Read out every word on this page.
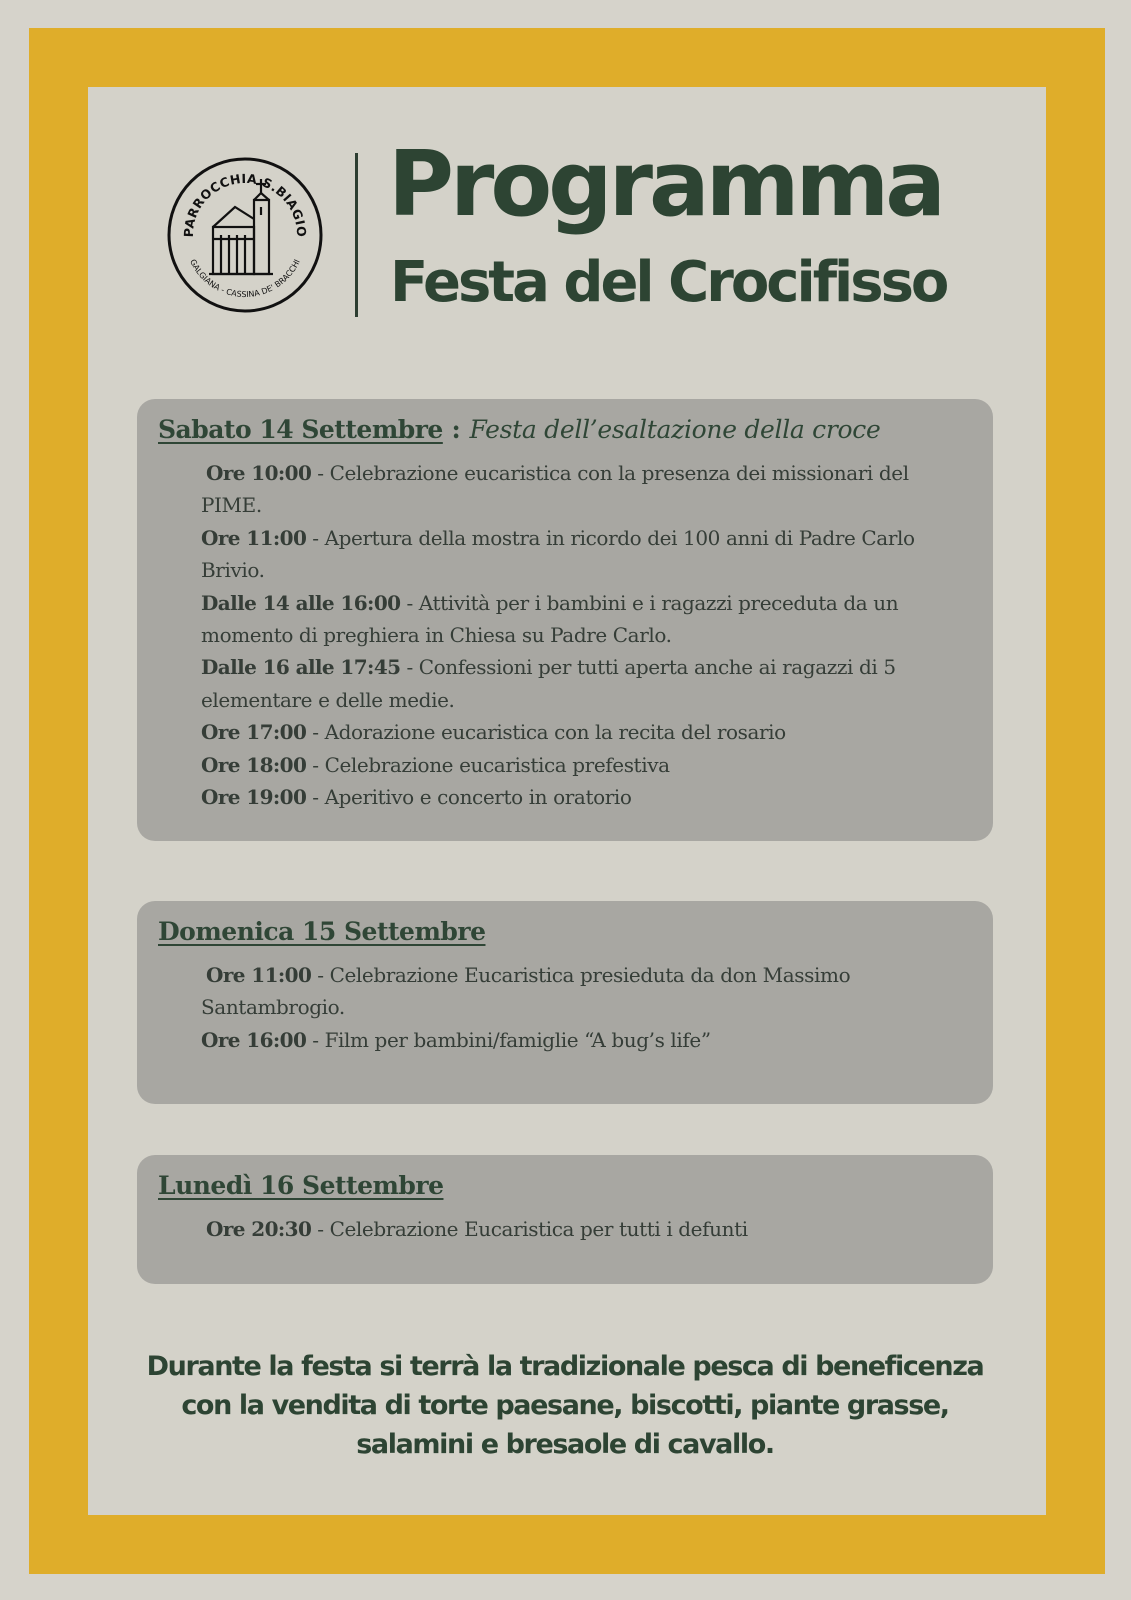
PARROCCHIA S.BIAGIO
GALGIANA - CASSINA DE' BRACCHI
Programma
Festa del Crocifisso

Sabato 14 Settembre : Festa dell’esaltazione della croce

Ore 10:00 - Celebrazione eucaristica con la presenza dei missionari del PIME.
Ore 11:00 - Apertura della mostra in ricordo dei 100 anni di Padre Carlo Brivio.
Dalle 14 alle 16:00 - Attività per i bambini e i ragazzi preceduta da un momento di preghiera in Chiesa su Padre Carlo.
Dalle 16 alle 17:45 - Confessioni per tutti aperta anche ai ragazzi di 5 elementare e delle medie.
Ore 17:00 - Adorazione eucaristica con la recita del rosario
Ore 18:00 - Celebrazione eucaristica prefestiva
Ore 19:00 - Aperitivo e concerto in oratorio

Domenica 15 Settembre

Ore 11:00 - Celebrazione Eucaristica presieduta da don Massimo Santambrogio.
Ore 16:00 - Film per bambini/famiglie “A bug’s life”

Lunedì 16 Settembre

Ore 20:30 - Celebrazione Eucaristica per tutti i defunti

Durante la festa si terrà la tradizionale pesca di beneficenza
con la vendita di torte paesane, biscotti, piante grasse,
salamini e bresaole di cavallo.
